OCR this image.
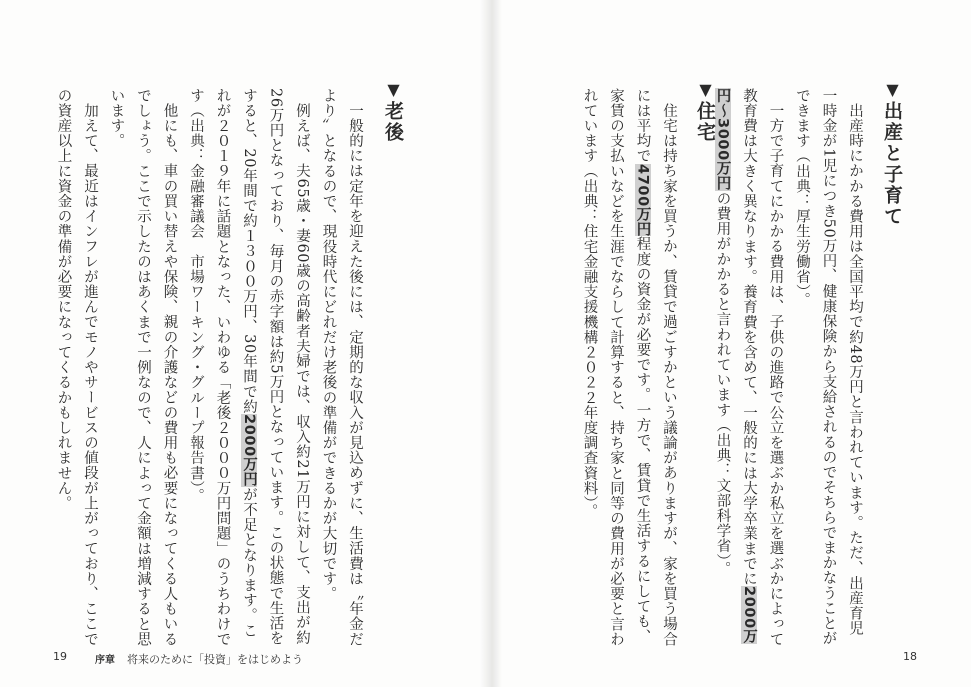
▼出産と子育て

出産時にかかる費用は全国平均で約48万円と言われています。ただ、出産育児一時金が1児につき50万円、健康保険から支給されるのでそちらでまかなうことができます（出典：厚生労働省）。

一方で子育てにかかる費用は、子供の進路で公立を選ぶか私立を選ぶかによって教育費は大きく異なります。養育費を含めて、一般的には大学卒業までに2000万円〜3000万円の費用がかかると言われています（出典：文部科学省）。

▼住宅

住宅は持ち家を買うか、賃貸で過ごすかという議論がありますが、家を買う場合には平均で4700万円程度の資金が必要です。一方で、賃貸で生活するにしても、家賃の支払いなどを生涯でならして計算すると、持ち家と同等の費用が必要と言われています（出典：住宅金融支援機構２０２２年度調査資料）。

18
▼老後

一般的には定年を迎えた後には、定期的な収入が見込めずに、生活費は〝年金だより〟となるので、現役時代にどれだけ老後の準備ができるかが大切です。

例えば、夫65歳・妻60歳の高齢者夫婦では、収入約21万円に対して、支出が約26万円となっており、毎月の赤字額は約5万円となっています。この状態で生活をすると、20年間で約１３００万円、30年間で約2000万円が不足となります。これが２０１９年に話題となった、いわゆる「老後２０００万円問題」のうちわけです（出典：金融審議会　市場ワーキング・グループ報告書）。

他にも、車の買い替えや保険、親の介護などの費用も必要になってくる人もいるでしょう。ここで示したのはあくまで一例なので、人によって金額は増減すると思います。

加えて、最近はインフレが進んでモノやサービスの値段が上がっており、ここでの資産以上に資金の準備が必要になってくるかもしれません。

19	序章 将来のために「投資」をはじめよう
